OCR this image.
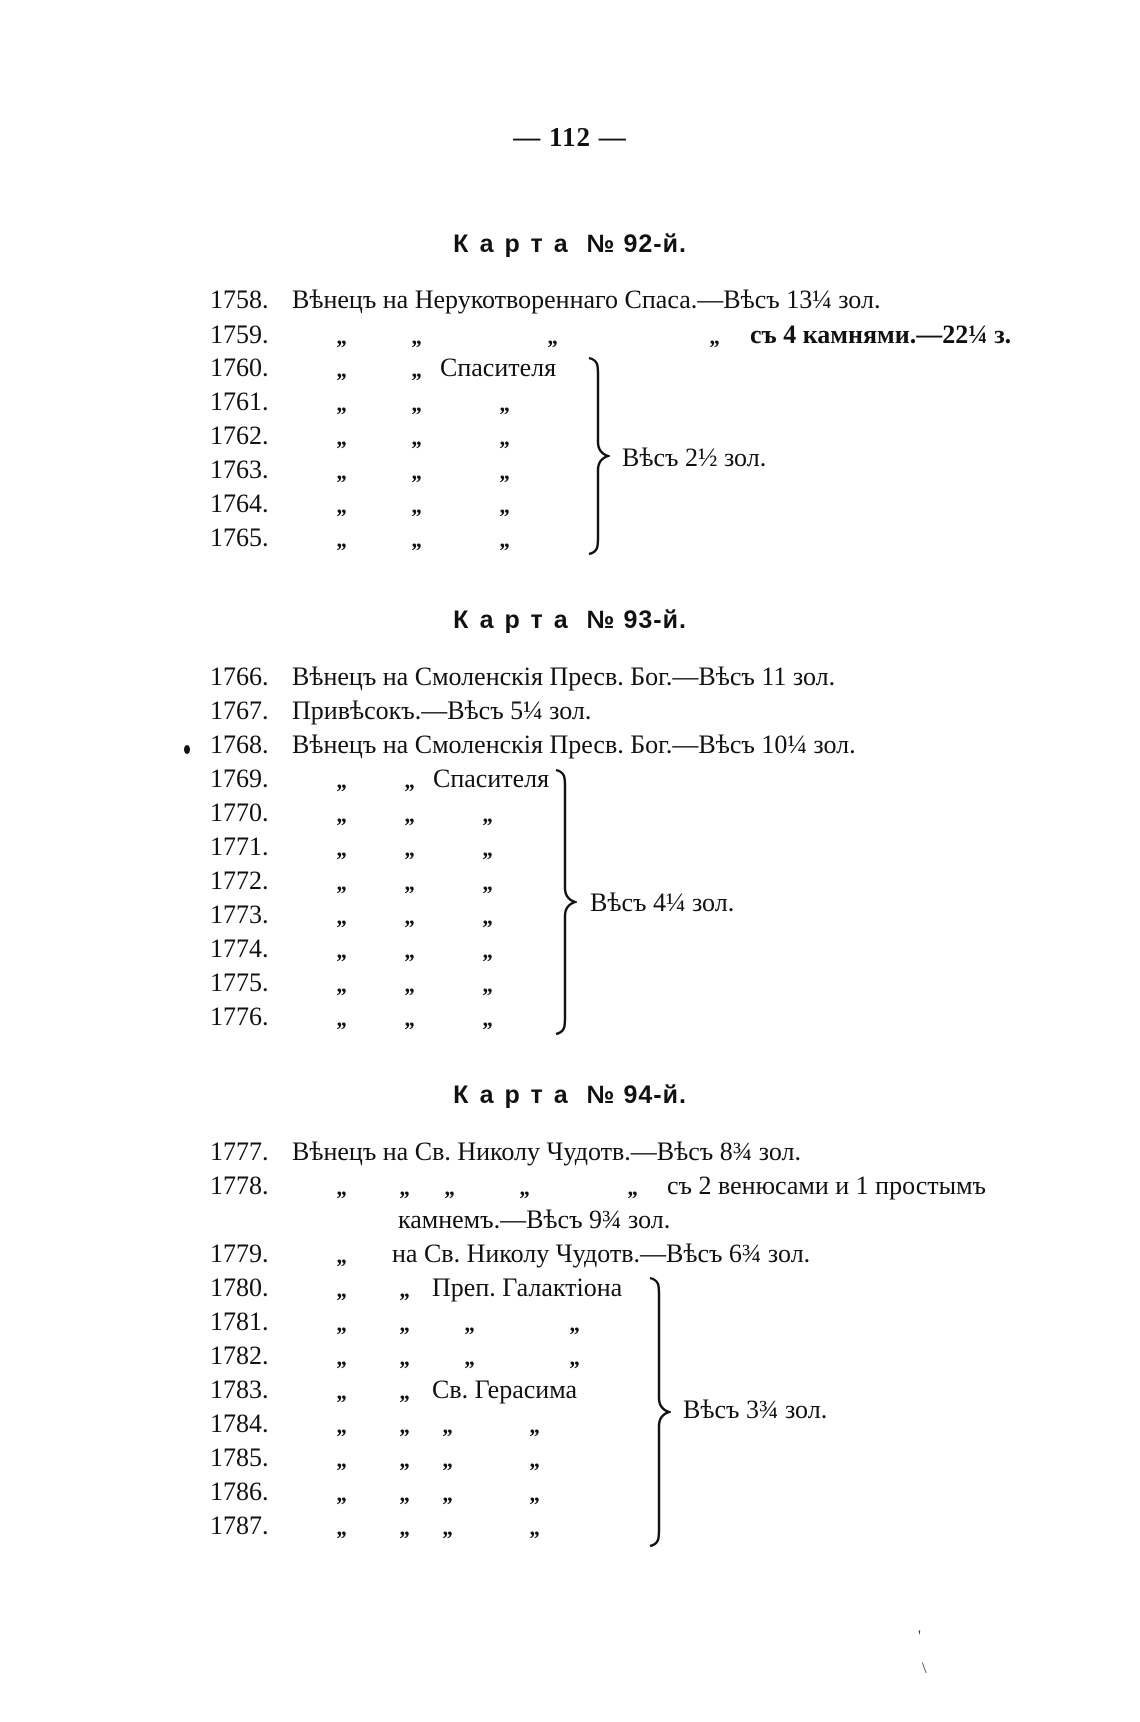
— 112 —
Карта № 92-й.
1758. Вѣнецъ на Нерукотвореннаго Спаса.—Вѣсъ 13¼ зол.
1759.	„	„	„	„ съ 4 камнями.—22¼ з.
1760.	„	„ Спасителя
1761.	„	„	„
1762.	„	„	„
1763.	„	„	„
1764.	„	„	„
1765.	„	„	„
Вѣсъ 2½ зол.
Карта № 93-й.
1766. Вѣнецъ на Смоленскія Пресв. Бог.—Вѣсъ 11 зол.
1767. Привѣсокъ.—Вѣсъ 5¼ зол.
1768. Вѣнецъ на Смоленскія Пресв. Бог.—Вѣсъ 10¼ зол.
1769.	„	„ Спасителя
1770.	„	„	„
1771.	„	„	„
1772.	„	„	„
1773.	„	„	„
1774.	„	„	„
1775.	„	„	„
1776.	„	„	„
Вѣсъ 4¼ зол.
Карта № 94-й.
1777. Вѣнецъ на Св. Николу Чудотв.—Вѣсъ 8¾ зол.
1778.	„ „ „	„	„ съ 2 венюсами и 1 простымъ
камнемъ.—Вѣсъ 9¾ зол.
1779.	„ на Св. Николу Чудотв.—Вѣсъ 6¾ зол.
1780.	„ „ Преп. Галактіона
1781.	„ „ „	„
1782.	„ „ „	„
1783.	„ „ Св. Герасима
1784.	„ „ „	„
1785.	„ „ „	„
1786.	„ „ „	„
1787.	„ „ „	„
Вѣсъ 3¾ зол.
'
\
